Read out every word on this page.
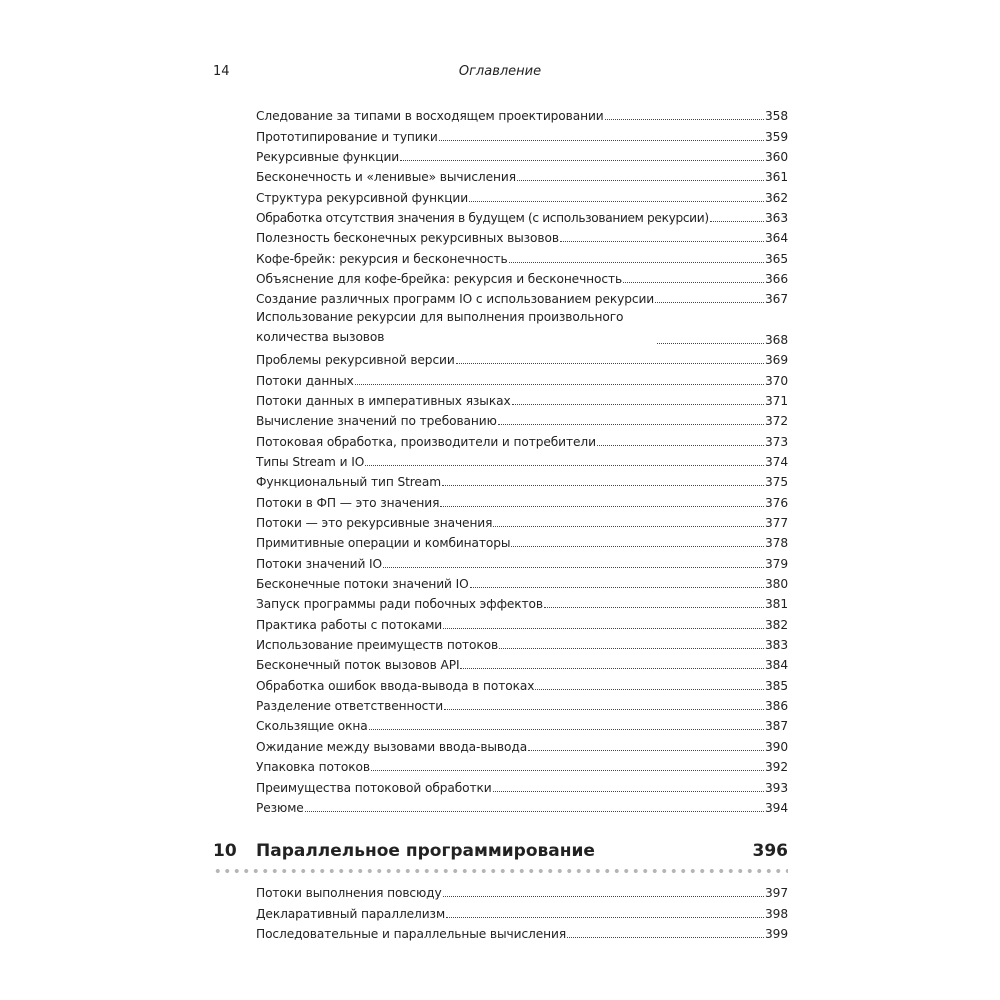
14	Оглавление
Следование за типами в восходящем проектировании	358
Прототипирование и тупики	359
Рекурсивные функции	360
Бесконечность и «ленивые» вычисления	361
Структура рекурсивной функции	362
Обработка отсутствия значения в будущем (с использованием рекурсии)	363
Полезность бесконечных рекурсивных вызовов	364
Кофе-брейк: рекурсия и бесконечность	365
Объяснение для кофе-брейка: рекурсия и бесконечность	366
Создание различных программ IO с использованием рекурсии	367
Использование рекурсии для выполнения произвольного количества вызовов	368
Проблемы рекурсивной версии	369
Потоки данных	370
Потоки данных в императивных языках	371
Вычисление значений по требованию	372
Потоковая обработка, производители и потребители	373
Типы Stream и IO	374
Функциональный тип Stream	375
Потоки в ФП — это значения	376
Потоки — это рекурсивные значения	377
Примитивные операции и комбинаторы	378
Потоки значений IO	379
Бесконечные потоки значений IO	380
Запуск программы ради побочных эффектов	381
Практика работы с потоками	382
Использование преимуществ потоков	383
Бесконечный поток вызовов API	384
Обработка ошибок ввода-вывода в потоках	385
Разделение ответственности	386
Скользящие окна	387
Ожидание между вызовами ввода-вывода	390
Упаковка потоков	392
Преимущества потоковой обработки	393
Резюме	394
10	Параллельное программирование	396
Потоки выполнения повсюду	397
Декларативный параллелизм	398
Последовательные и параллельные вычисления	399
